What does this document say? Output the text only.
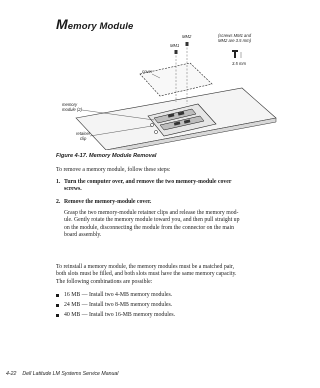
Memory Module
MM2
MM1
(screws MM1 and
MM2 are 3.5 mm)
3.5 mm
cover
memory
module (2)
retainer
clip
Figure 4-17. Memory Module Removal
To remove a memory module, follow these steps:
1. Turn the computer over, and remove the two memory-module cover
screws.
2. Remove the memory-module cover.
Grasp the two memory-module retainer clips and release the memory mod-
ule. Gently rotate the memory module toward you, and then pull straight up
on the module, disconnecting the module from the connector on the main
board assembly.
To reinstall a memory module, the memory modules must be a matched pair,
both slots must be filled, and both slots must have the same memory capacity.
The following combinations are possible:
16 MB — Install two 4-MB memory modules.
24 MB — Install two 8-MB memory modules.
40 MB — Install two 16-MB memory modules.
4-22 Dell Latitude LM Systems Service Manual
